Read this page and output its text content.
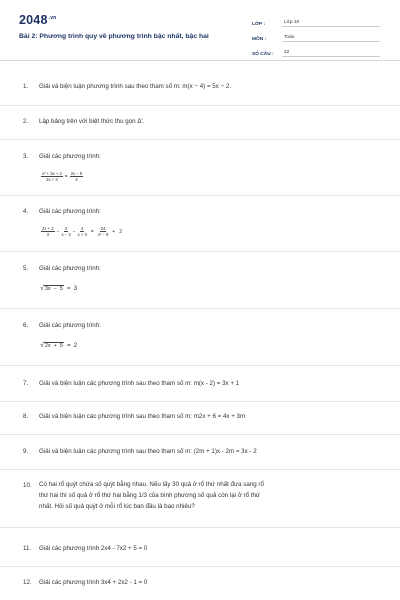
$2048^{.vn}$
Bài 2: Phương trình quy về phương trình bậc nhất, bậc hai
LỚP :	Lớp 10
MÔN :	Toán
SỐ CÂU :	22
1. Giải và biện luận phương trình sau theo tham số m: m(x − 4) = 5x − 2.
2. Lập bảng trên với biệt thức thu gọn Δ'.
3. Giải các phương trình:
$\frac{\text{x² + 3x + 2}}{2x + 3} = \frac{2x - 5}{4}$
4. Giải các phương trình:
$\frac{2x + 2}{3} - \frac{3}{x - 3} - \frac{4}{x + 3} = \frac{24}{\text{x² − 9}} + 2$
5. Giải các phương trình:
√ 3x − 5 = 3
6. Giải các phương trình:
√ 2x + 5 = 2
7. Giải và biện luận các phương trình sau theo tham số m: m(x - 2) = 3x + 1
8. Giải và biện luận các phương trình sau theo tham số m: m2x + 6 = 4x + 3m
9. Giải và biện luận các phương trình sau theo tham số m: (2m + 1)x - 2m = 3x - 2
10. Có hai rổ quýt chứa số quýt bằng nhau. Nếu lấy 30 quả ở rổ thứ nhất đưa sang rổ
thứ hai thì số quả ở rổ thứ hai bằng 1/3 của bình phương số quả còn lại ở rổ thứ
nhất. Hỏi số quả quýt ở mỗi rổ lúc ban đầu là bao nhiêu?
11. Giải các phương trình 2x4 - 7x2 + 5 = 0
12. Giải các phương trình 3x4 + 2x2 - 1 = 0
